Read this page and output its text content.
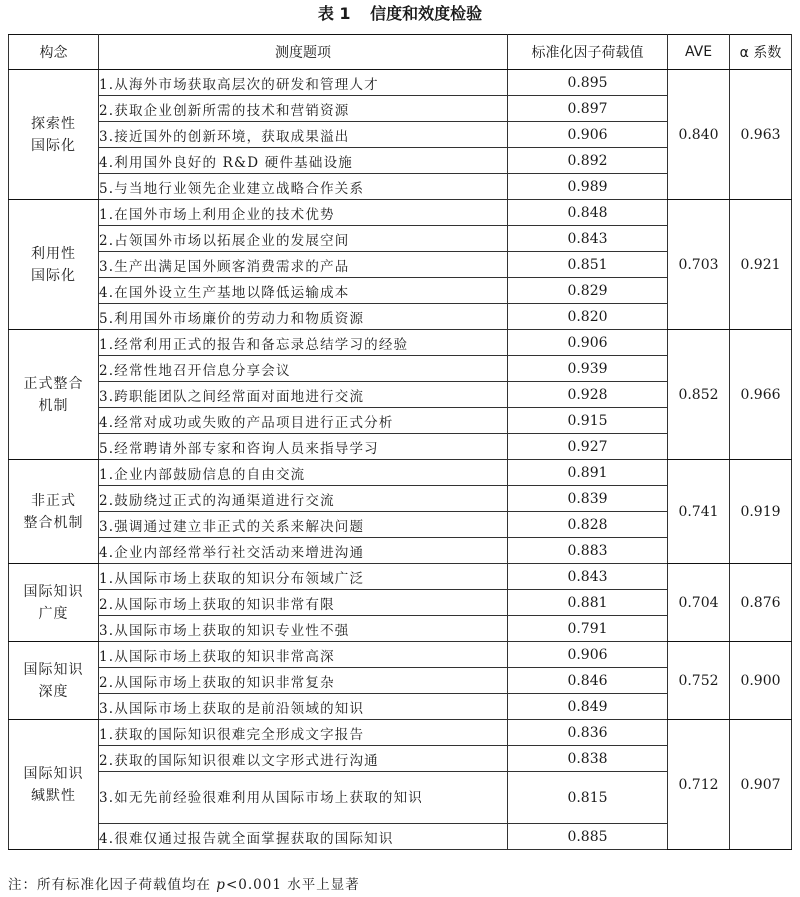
表 1 信度和效度检验
构念	测度题项	标准化因子荷载值	AVE	α 系数

探索性
国际化	1.从海外市场获取高层次的研发和管理人才	0.895	0.840	0.963
	2.获取企业创新所需的技术和营销资源	0.897		
	3.接近国外的创新环境，获取成果溢出	0.906		
	4.利用国外良好的 R&D 硬件基础设施	0.892		
	5.与当地行业领先企业建立战略合作关系	0.989		

利用性
国际化	1.在国外市场上利用企业的技术优势	0.848	0.703	0.921
	2.占领国外市场以拓展企业的发展空间	0.843		
	3.生产出满足国外顾客消费需求的产品	0.851		
	4.在国外设立生产基地以降低运输成本	0.829		
	5.利用国外市场廉价的劳动力和物质资源	0.820		

正式整合
机制	1.经常利用正式的报告和备忘录总结学习的经验	0.906	0.852	0.966
	2.经常性地召开信息分享会议	0.939		
	3.跨职能团队之间经常面对面地进行交流	0.928		
	4.经常对成功或失败的产品项目进行正式分析	0.915		
	5.经常聘请外部专家和咨询人员来指导学习	0.927		

非正式
整合机制	1.企业内部鼓励信息的自由交流	0.891	0.741	0.919
	2.鼓励绕过正式的沟通渠道进行交流	0.839		
	3.强调通过建立非正式的关系来解决问题	0.828		
	4.企业内部经常举行社交活动来增进沟通	0.883		

国际知识
广度	1.从国际市场上获取的知识分布领域广泛	0.843	0.704	0.876
	2.从国际市场上获取的知识非常有限	0.881		
	3.从国际市场上获取的知识专业性不强	0.791		

国际知识
深度	1.从国际市场上获取的知识非常高深	0.906	0.752	0.900
	2.从国际市场上获取的知识非常复杂	0.846		
	3.从国际市场上获取的是前沿领域的知识	0.849		

国际知识
缄默性	1.获取的国际知识很难完全形成文字报告	0.836	0.712	0.907
	2.获取的国际知识很难以文字形式进行沟通	0.838		
	3.如无先前经验很难利用从国际市场上获取的知识	0.815		
	4.很难仅通过报告就全面掌握获取的国际知识	0.885		
注：所有标准化因子荷载值均在 p<0.001 水平上显著
